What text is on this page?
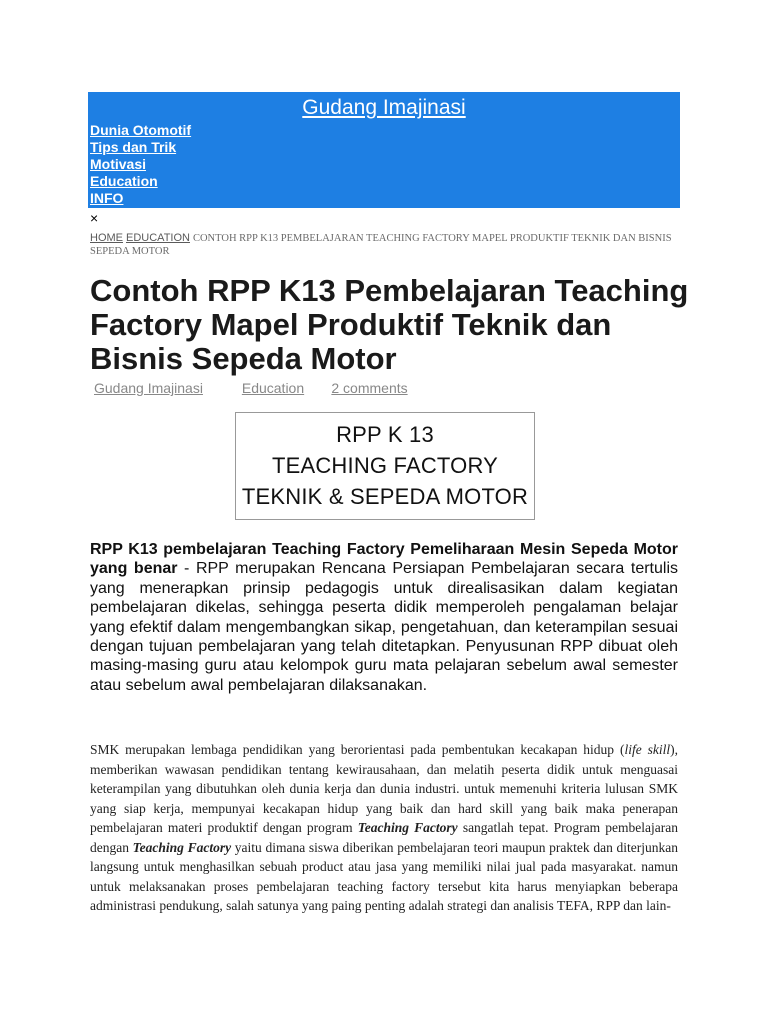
Gudang Imajinasi
• Dunia Otomotif
• Tips dan Trik
• Motivasi
• Education
• INFO
×
HOME EDUCATION CONTOH RPP K13 PEMBELAJARAN TEACHING FACTORY MAPEL PRODUKTIF TEKNIK DAN BISNIS SEPEDA MOTOR
Contoh RPP K13 Pembelajaran Teaching Factory Mapel Produktif Teknik dan Bisnis Sepeda Motor
Gudang Imajinasi	Education 2 comments
RPP K 13
TEACHING FACTORY
TEKNIK & SEPEDA MOTOR

RPP K13 pembelajaran Teaching Factory Pemeliharaan Mesin Sepeda Motor yang benar - RPP merupakan Rencana Persiapan Pembelajaran secara tertulis yang menerapkan prinsip pedagogis untuk direalisasikan dalam kegiatan pembelajaran dikelas, sehingga peserta didik memperoleh pengalaman belajar yang efektif dalam mengembangkan sikap, pengetahuan, dan keterampilan sesuai dengan tujuan pembelajaran yang telah ditetapkan. Penyusunan RPP dibuat oleh masing-masing guru atau kelompok guru mata pelajaran sebelum awal semester atau sebelum awal pembelajaran dilaksanakan.

SMK merupakan lembaga pendidikan yang berorientasi pada pembentukan kecakapan hidup (life skill), memberikan wawasan pendidikan tentang kewirausahaan, dan melatih peserta didik untuk menguasai keterampilan yang dibutuhkan oleh dunia kerja dan dunia industri. untuk memenuhi kriteria lulusan SMK yang siap kerja, mempunyai kecakapan hidup yang baik dan hard skill yang baik maka penerapan pembelajaran materi produktif dengan program Teaching Factory sangatlah tepat. Program pembelajaran dengan Teaching Factory yaitu dimana siswa diberikan pembelajaran teori maupun praktek dan diterjunkan langsung untuk menghasilkan sebuah product atau jasa yang memiliki nilai jual pada masyarakat. namun untuk melaksanakan proses pembelajaran teaching factory tersebut kita harus menyiapkan beberapa administrasi pendukung, salah satunya yang paing penting adalah strategi dan analisis TEFA, RPP dan lain-
